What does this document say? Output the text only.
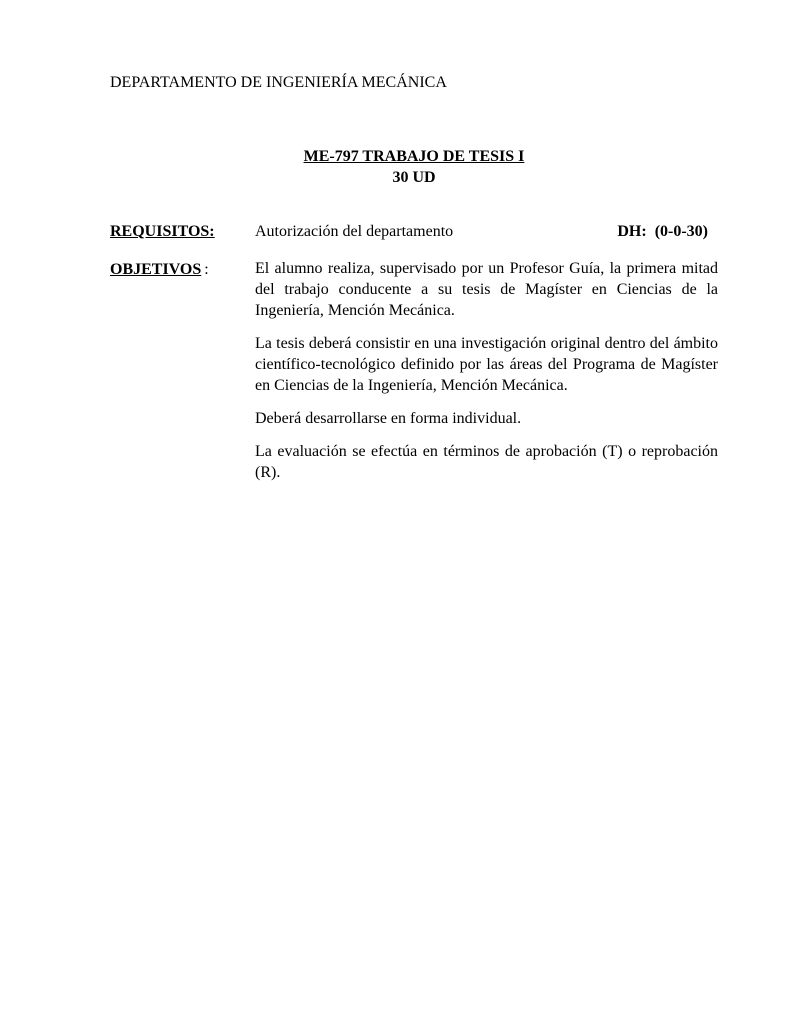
DEPARTAMENTO DE INGENIERÍA MECÁNICA
ME-797 TRABAJO DE TESIS I
30 UD
REQUISITOS:	Autorización del departamento	DH:  (0-0-30)
OBJETIVOS :	El alumno realiza, supervisado por un Profesor Guía, la primera mitad del trabajo conducente a su tesis de Magíster en Ciencias de la Ingeniería, Mención Mecánica.

La tesis deberá consistir en una investigación original dentro del ámbito científico-tecnológico definido por las áreas del Programa de Magíster en Ciencias de la Ingeniería, Mención Mecánica.

Deberá desarrollarse en forma individual.

La evaluación se efectúa en términos de aprobación (T) o reprobación (R).
